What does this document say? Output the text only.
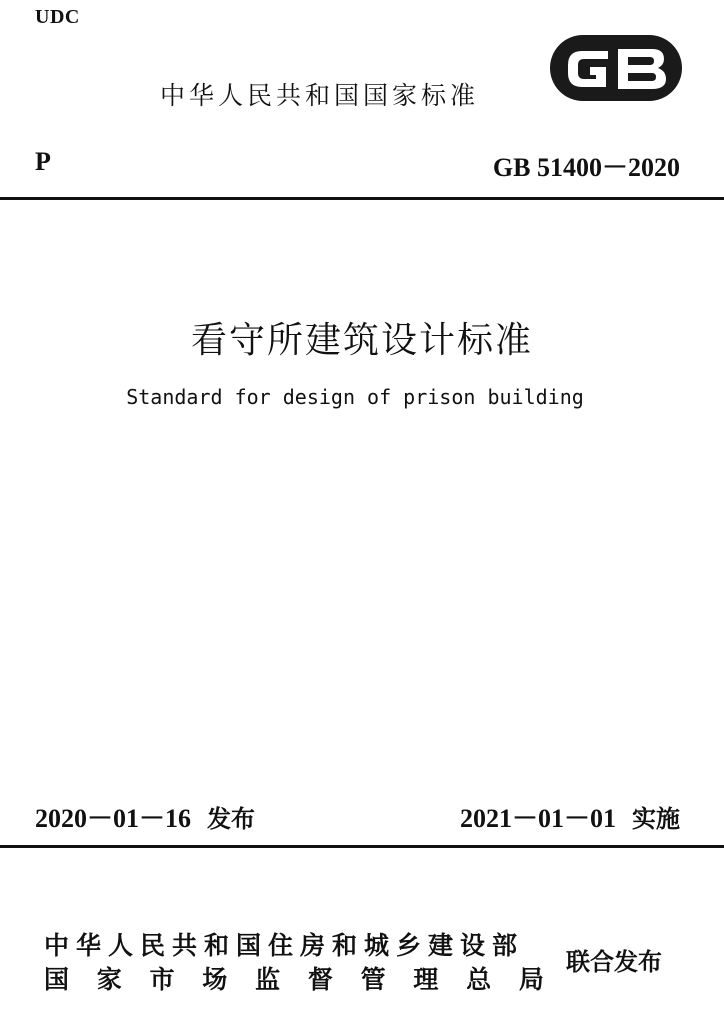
UDC
中华人民共和国国家标准
P	GB 51400－2020
看守所建筑设计标准
Standard for design of prison building
2020－01－16 发布	2021－01－01 实施
中华人民共和国住房和城乡建设部
国 家 市 场 监 督 管 理 总 局
联合发布
